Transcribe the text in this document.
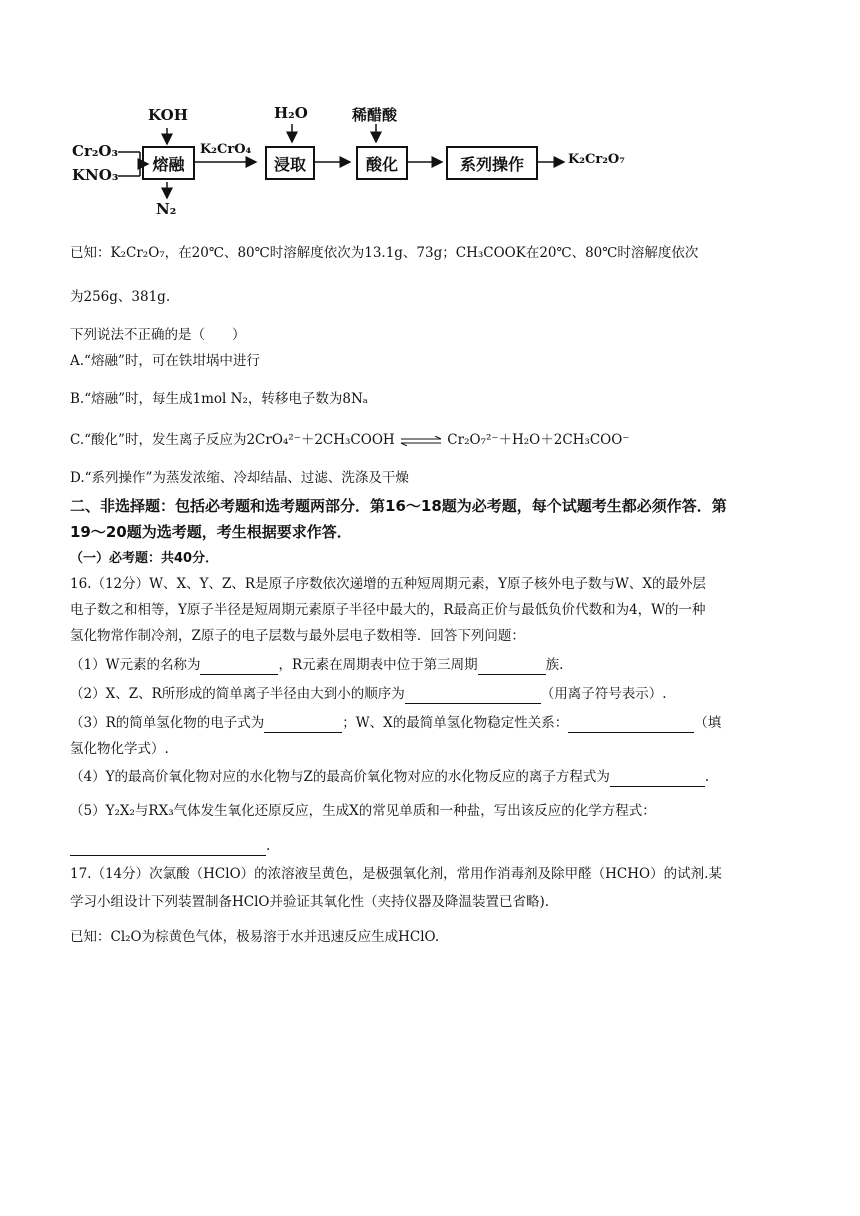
Cr₂O₃
KNO₃
KOH	H₂O	稀醋酸
K₂CrO₄
N₂
熔融	浸取	酸化	系列操作	K₂Cr₂O₇
已知：K₂Cr₂O₇，在20℃、80℃时溶解度依次为13.1g、73g；CH₃COOK在20℃、80℃时溶解度依次
为256g、381g.
下列说法不正确的是（　　）
A.“熔融”时，可在铁坩埚中进行
B.“熔融”时，每生成1mol N₂，转移电子数为8Nₐ
C.“酸化”时，发生离子反应为2CrO₄²⁻＋2CH₃COOH ⇌ Cr₂O₇²⁻＋H₂O＋2CH₃COO⁻
D.“系列操作”为蒸发浓缩、冷却结晶、过滤、洗涤及干燥
二、非选择题：包括必考题和选考题两部分．第16～18题为必考题，每个试题考生都必须作答．第
19～20题为选考题，考生根据要求作答．
（一）必考题：共40分．
16.（12分）W、X、Y、Z、R是原子序数依次递增的五种短周期元素，Y原子核外电子数与W、X的最外层
电子数之和相等，Y原子半径是短周期元素原子半径中最大的，R最高正价与最低负价代数和为4，W的一种
氢化物常作制冷剂，Z原子的电子层数与最外层电子数相等．回答下列问题：
（1）W元素的名称为	，R元素在周期表中位于第三周期	族.
（2）X、Z、R所形成的简单离子半径由大到小的顺序为	（用离子符号表示）.
（3）R的简单氢化物的电子式为	；W、X的最简单氢化物稳定性关系：	（填
氢化物化学式）.
（4）Y的最高价氧化物对应的水化物与Z的最高价氧化物对应的水化物反应的离子方程式为	.
（5）Y₂X₂与RX₃气体发生氧化还原反应，生成X的常见单质和一种盐，写出该反应的化学方程式：
.
17.（14分）次氯酸（HClO）的浓溶液呈黄色，是极强氧化剂，常用作消毒剂及除甲醛（HCHO）的试剂.某
学习小组设计下列装置制备HClO并验证其氧化性（夹持仪器及降温装置已省略).
已知：Cl₂O为棕黄色气体，极易溶于水并迅速反应生成HClO.
